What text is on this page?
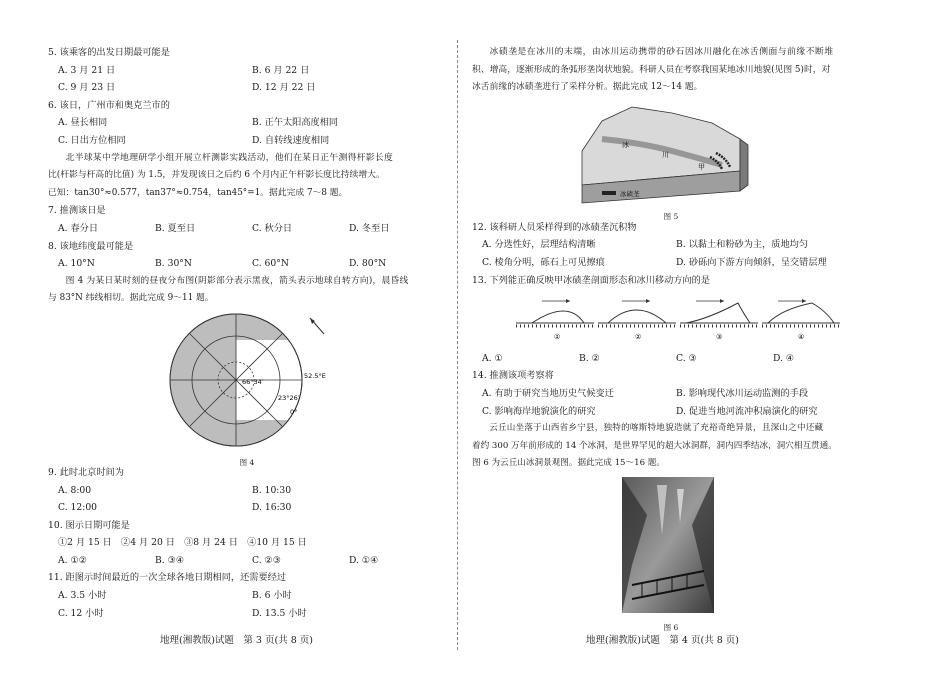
5. 该乘客的出发日期最可能是
A. 3 月 21 日	B. 6 月 22 日
C. 9 月 23 日	D. 12 月 22 日
6. 该日，广州市和奥克兰市的
A. 昼长相同	B. 正午太阳高度相同
C. 日出方位相同	D. 自转线速度相同
北半球某中学地理研学小组开展立杆测影实践活动，他们在某日正午测得杆影长度
比(杆影与杆高的比值) 为 1.5，并发现该日之后约 6 个月内正午杆影长度比持续增大。
已知：tan30°≈0.577，tan37°≈0.754，tan45°=1。据此完成 7～8 题。
7. 推测该日是
A. 春分日	B. 夏至日	C. 秋分日	D. 冬至日
8. 该地纬度最可能是
A. 10°N	B. 30°N	C. 60°N	D. 80°N
图 4 为某日某时刻的昼夜分布图(阴影部分表示黑夜，箭头表示地球自转方向)，晨昏线
与 83°N 纬线相切。据此完成 9～11 题。
66°34′
52.5°E
23°26′
0°
图 4
9. 此时北京时间为
A. 8:00	B. 10:30
C. 12:00	D. 16:30
10. 图示日期可能是
①2 月 15 日　②4 月 20 日　③8 月 24 日　④10 月 15 日
A. ①②	B. ③④	C. ②③	D. ①④
11. 距图示时间最近的一次全球各地日期相同，还需要经过
A. 3.5 小时	B. 6 小时
C. 12 小时	D. 13.5 小时
冰碛垄是在冰川的末端，由冰川运动携带的砂石因冰川融化在冰舌侧面与前缘不断堆
积、增高，逐渐形成的条弧形垄岗状地貌。科研人员在考察我国某地冰川地貌(见图 5)时，对
冰舌前缘的冰碛垄进行了采样分析。据此完成 12～14 题。
冰
川
甲
冰碛垄
图 5
12. 该科研人员采样得到的冰碛垄沉积物
A. 分选性好，层理结构清晰	B. 以黏土和粉砂为主，质地均匀
C. 棱角分明，砾石上可见擦痕	D. 砂砾向下游方向倾斜，呈交错层理
13. 下列能正确反映甲冰碛垄剖面形态和冰川移动方向的是
①	②	③	④
A. ①	B. ②	C. ③	D. ④
14. 推测该项考察将
A. 有助于研究当地历史气候变迁	B. 影响现代冰川运动监测的手段
C. 影响海岸地貌演化的研究	D. 促进当地河流冲积扇演化的研究
云丘山坐落于山西省乡宁县，独特的喀斯特地貌造就了充裕奇绝异景，且深山之中还藏
着约 300 万年前形成的 14 个冰洞，是世界罕见的超大冰洞群，洞内四季结冰，洞穴相互贯通。
图 6 为云丘山冰洞景观图。据此完成 15～16 题。
图 6
地理(湘教版)试题　第 3 页(共 8 页)	地理(湘教版)试题　第 4 页(共 8 页)
